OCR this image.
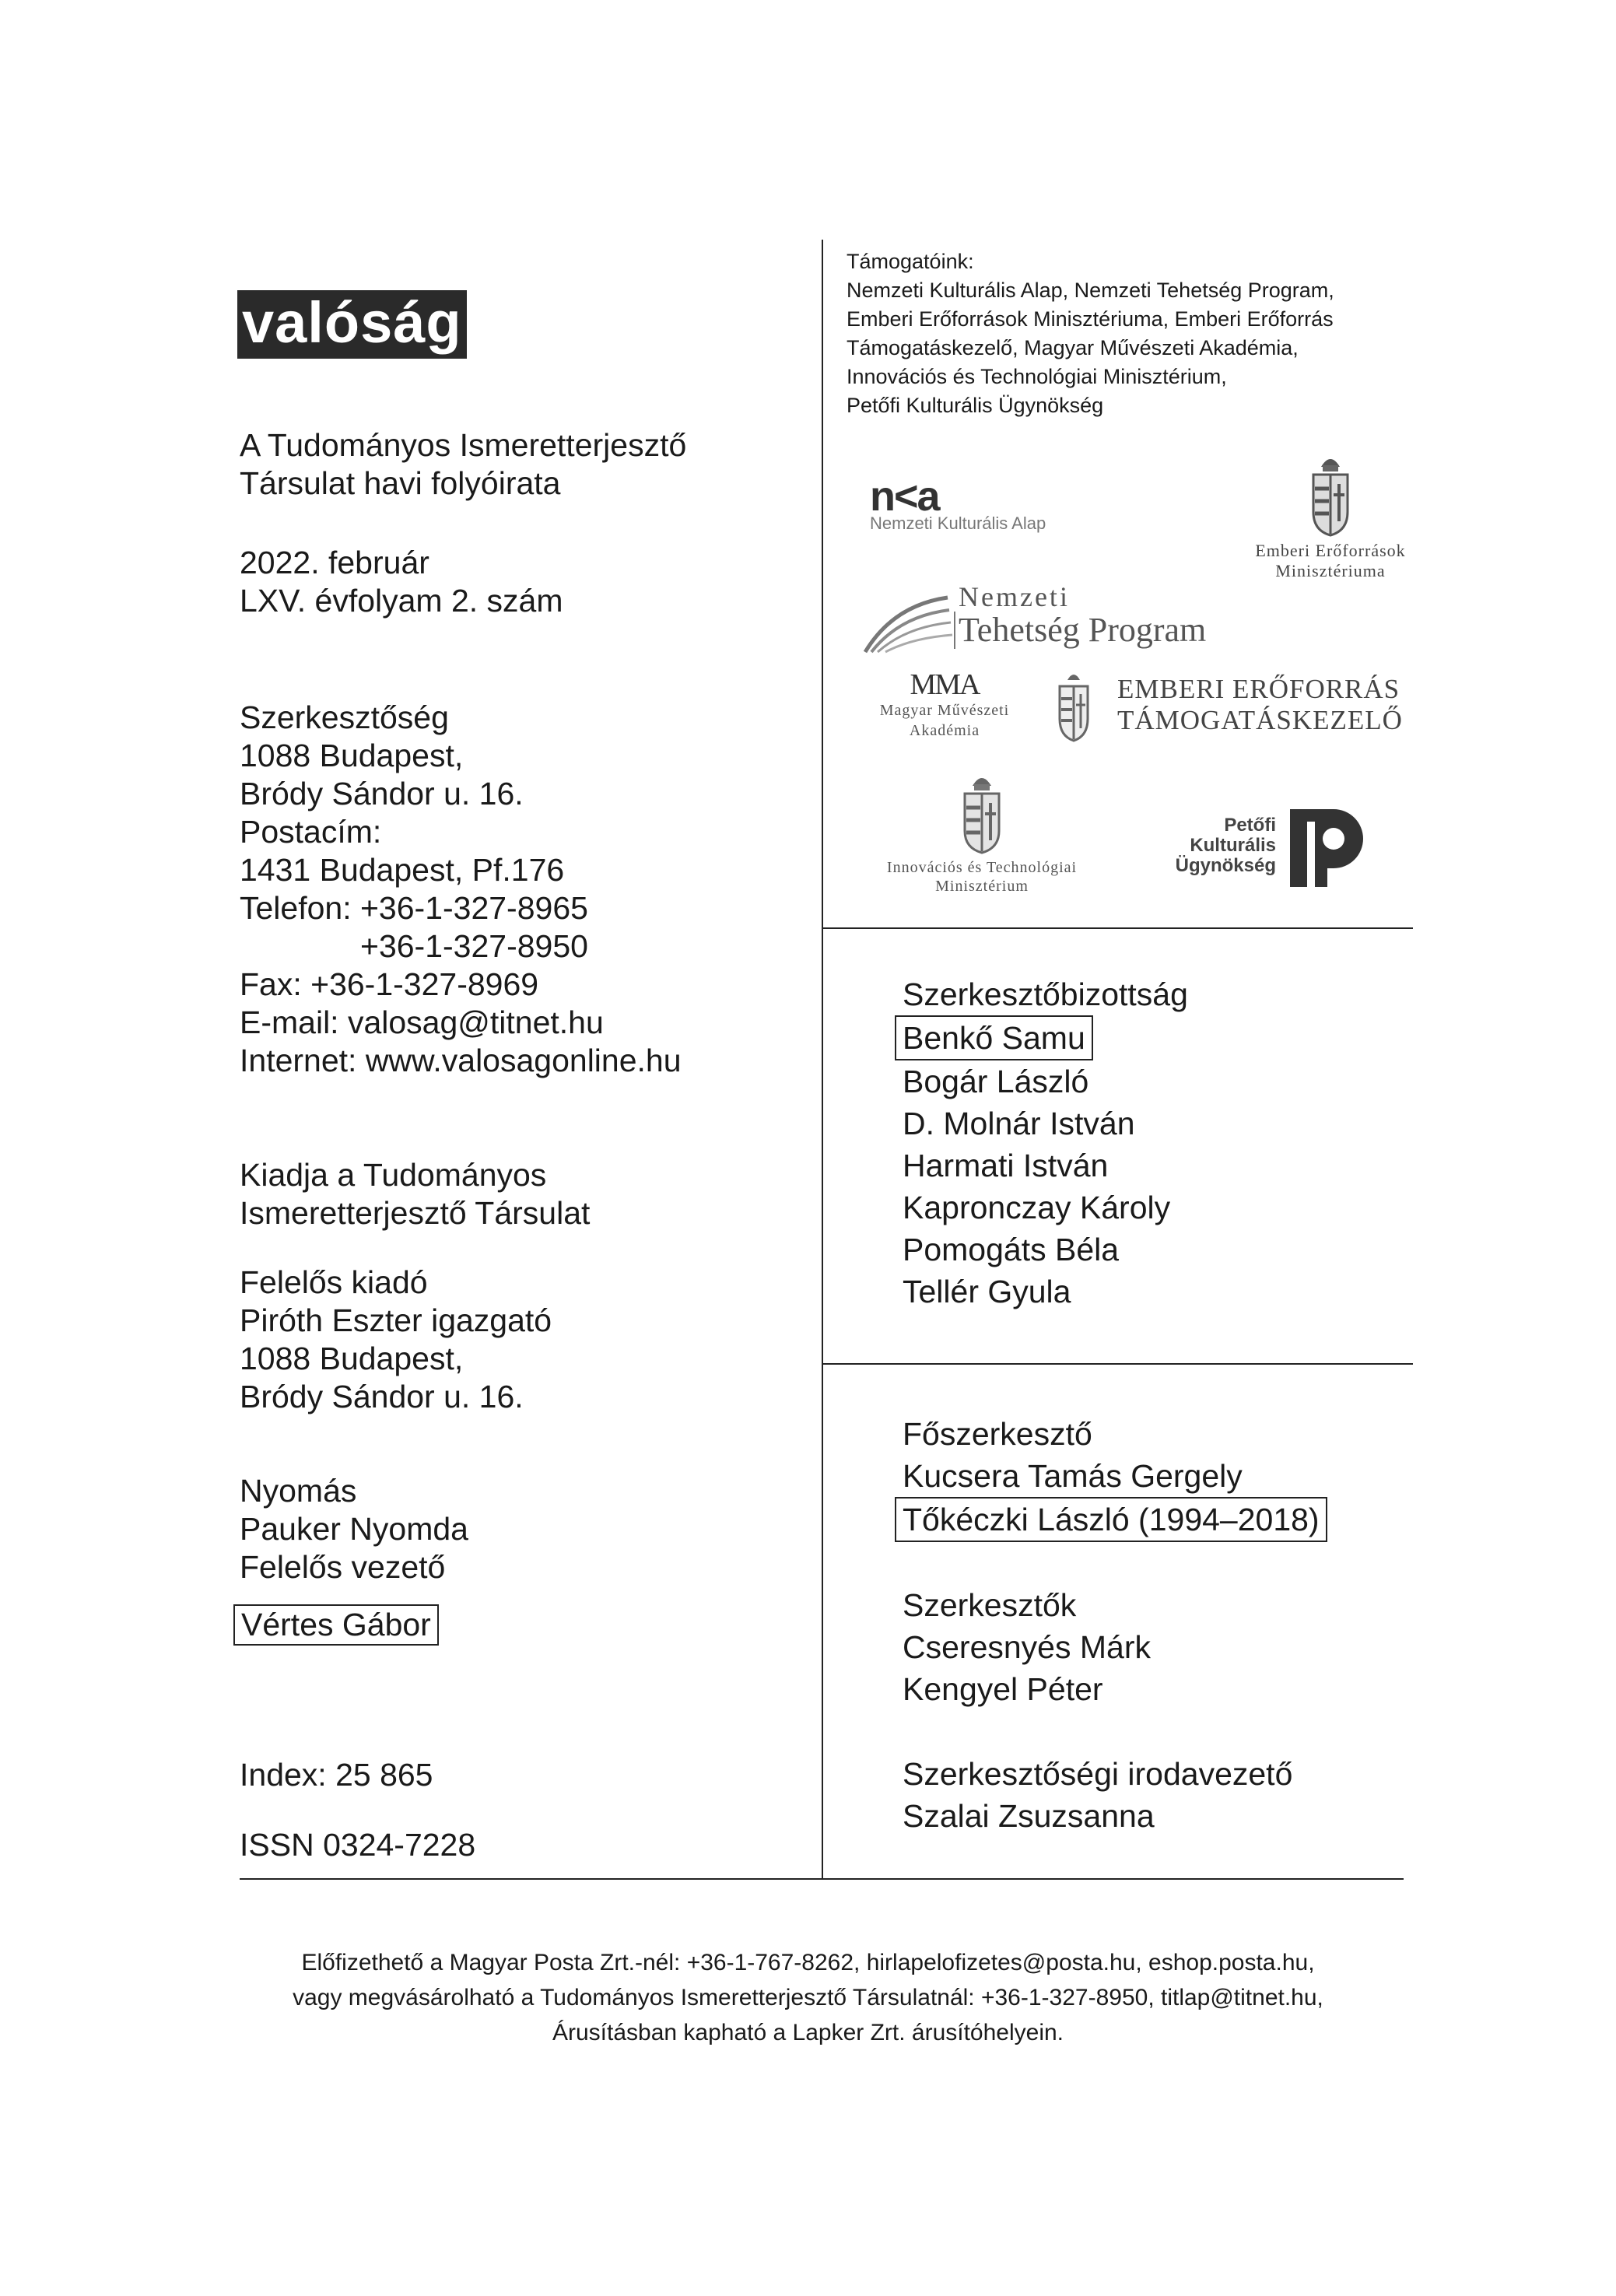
valóság
A Tudományos Ismeretterjesztő
Társulat havi folyóirata
2022. február
LXV. évfolyam 2. szám
Szerkesztőség
1088 Budapest,
Bródy Sándor u. 16.
Postacím:
1431 Budapest, Pf.176
Telefon: +36-1-327-8965
+36-1-327-8950
Fax: +36-1-327-8969
E-mail: valosag@titnet.hu
Internet: www.valosagonline.hu
Kiadja a Tudományos
Ismeretterjesztő Társulat
Felelős kiadó
Piróth Eszter igazgató
1088 Budapest,
Bródy Sándor u. 16.
Nyomás
Pauker Nyomda
Felelős vezető
Vértes Gábor
Index: 25 865
ISSN 0324-7228
Támogatóink:
Nemzeti Kulturális Alap, Nemzeti Tehetség Program,
Emberi Erőforrások Minisztériuma, Emberi Erőforrás
Támogatáskezelő, Magyar Művészeti Akadémia,
Innovációs és Technológiai Minisztérium,
Petőfi Kulturális Ügynökség
n<a
Nemzeti Kulturális Alap
Emberi Erőforrások
Minisztériuma
Nemzeti
Tehetség Program
MMA
Magyar Művészeti
Akadémia
EMBERI ERŐFORRÁS
TÁMOGATÁSKEZELŐ
Innovációs és Technológiai
Minisztérium
Petőfi
Kulturális
Ügynökség
Szerkesztőbizottság
Benkő Samu
Bogár László
D. Molnár István
Harmati István
Kapronczay Károly
Pomogáts Béla
Tellér Gyula
Főszerkesztő
Kucsera Tamás Gergely
Tőkéczki László (1994–2018)
Szerkesztők
Cseresnyés Márk
Kengyel Péter
Szerkesztőségi irodavezető
Szalai Zsuzsanna
Előfizethető a Magyar Posta Zrt.-nél: +36-1-767-8262, hirlapelofizetes@posta.hu, eshop.posta.hu,
vagy megvásárolható a Tudományos Ismeretterjesztő Társulatnál: +36-1-327-8950, titlap@titnet.hu,
Árusításban kapható a Lapker Zrt. árusítóhelyein.
